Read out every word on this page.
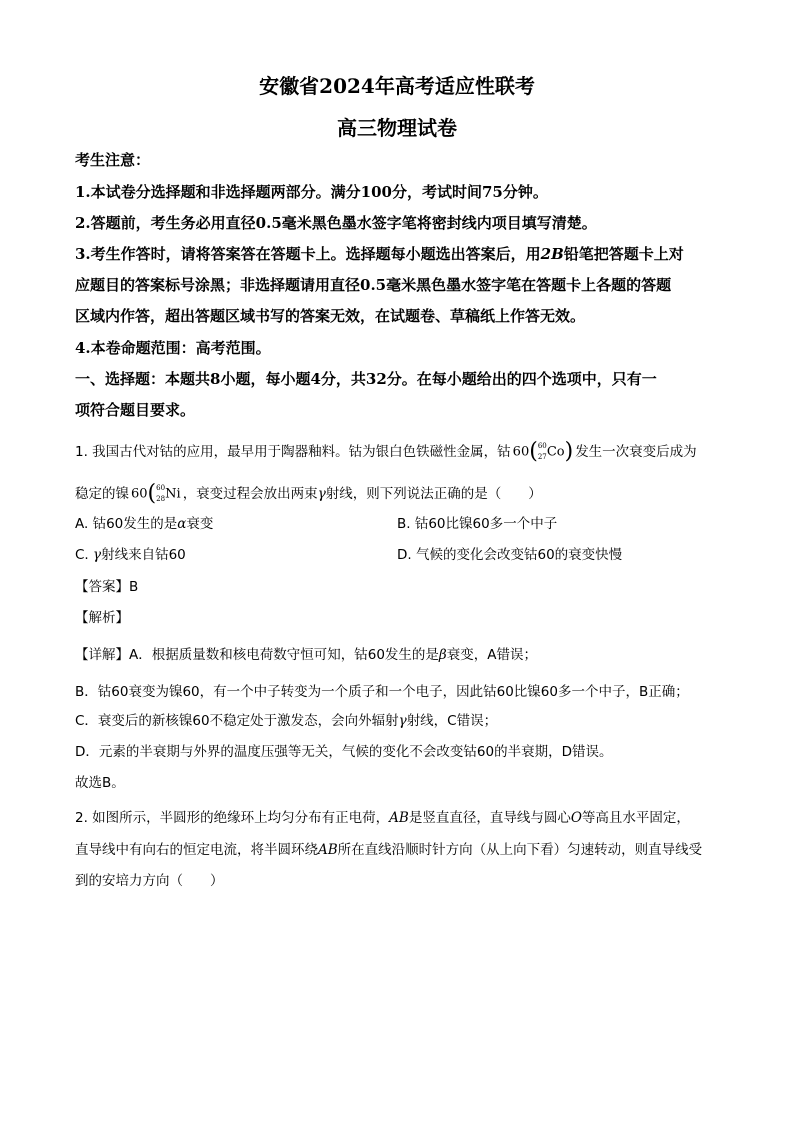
安徽省2024年高考适应性联考
高三物理试卷
考生注意：
1.本试卷分选择题和非选择题两部分。满分100分，考试时间75分钟。
2.答题前，考生务必用直径0.5毫米黑色墨水签字笔将密封线内项目填写清楚。
3.考生作答时，请将答案答在答题卡上。选择题每小题选出答案后，用2B铅笔把答题卡上对
应题目的答案标号涂黑；非选择题请用直径0.5毫米黑色墨水签字笔在答题卡上各题的答题
区域内作答，超出答题区域书写的答案无效，在试题卷、草稿纸上作答无效。
4.本卷命题范围：高考范围。
一、选择题：本题共8小题，每小题4分，共32分。在每小题给出的四个选项中，只有一
项符合题目要求。
1. 我国古代对钴的应用，最早用于陶器釉料。钴为银白色铁磁性金属，钴 60( 60
27 Co) 发生一次衰变后成为
稳定的镍 60( 60
28 Ni ，衰变过程会放出两束γ射线，则下列说法正确的是（　　）
A. 钴60发生的是α衰变	B. 钴60比镍60多一个中子
C. γ射线来自钴60	D. 气候的变化会改变钴60的衰变快慢
【答案】B
【解析】
【详解】A．根据质量数和核电荷数守恒可知，钴60发生的是β衰变，A错误；
B．钴60衰变为镍60，有一个中子转变为一个质子和一个电子，因此钴60比镍60多一个中子，B正确；
C．衰变后的新核镍60不稳定处于激发态，会向外辐射γ射线，C错误；
D．元素的半衰期与外界的温度压强等无关，气候的变化不会改变钴60的半衰期，D错误。
故选B。
2. 如图所示，半圆形的绝缘环上均匀分布有正电荷，AB是竖直直径，直导线与圆心O等高且水平固定，
直导线中有向右的恒定电流，将半圆环绕AB所在直线沿顺时针方向（从上向下看）匀速转动，则直导线受
到的安培力方向（　　）
